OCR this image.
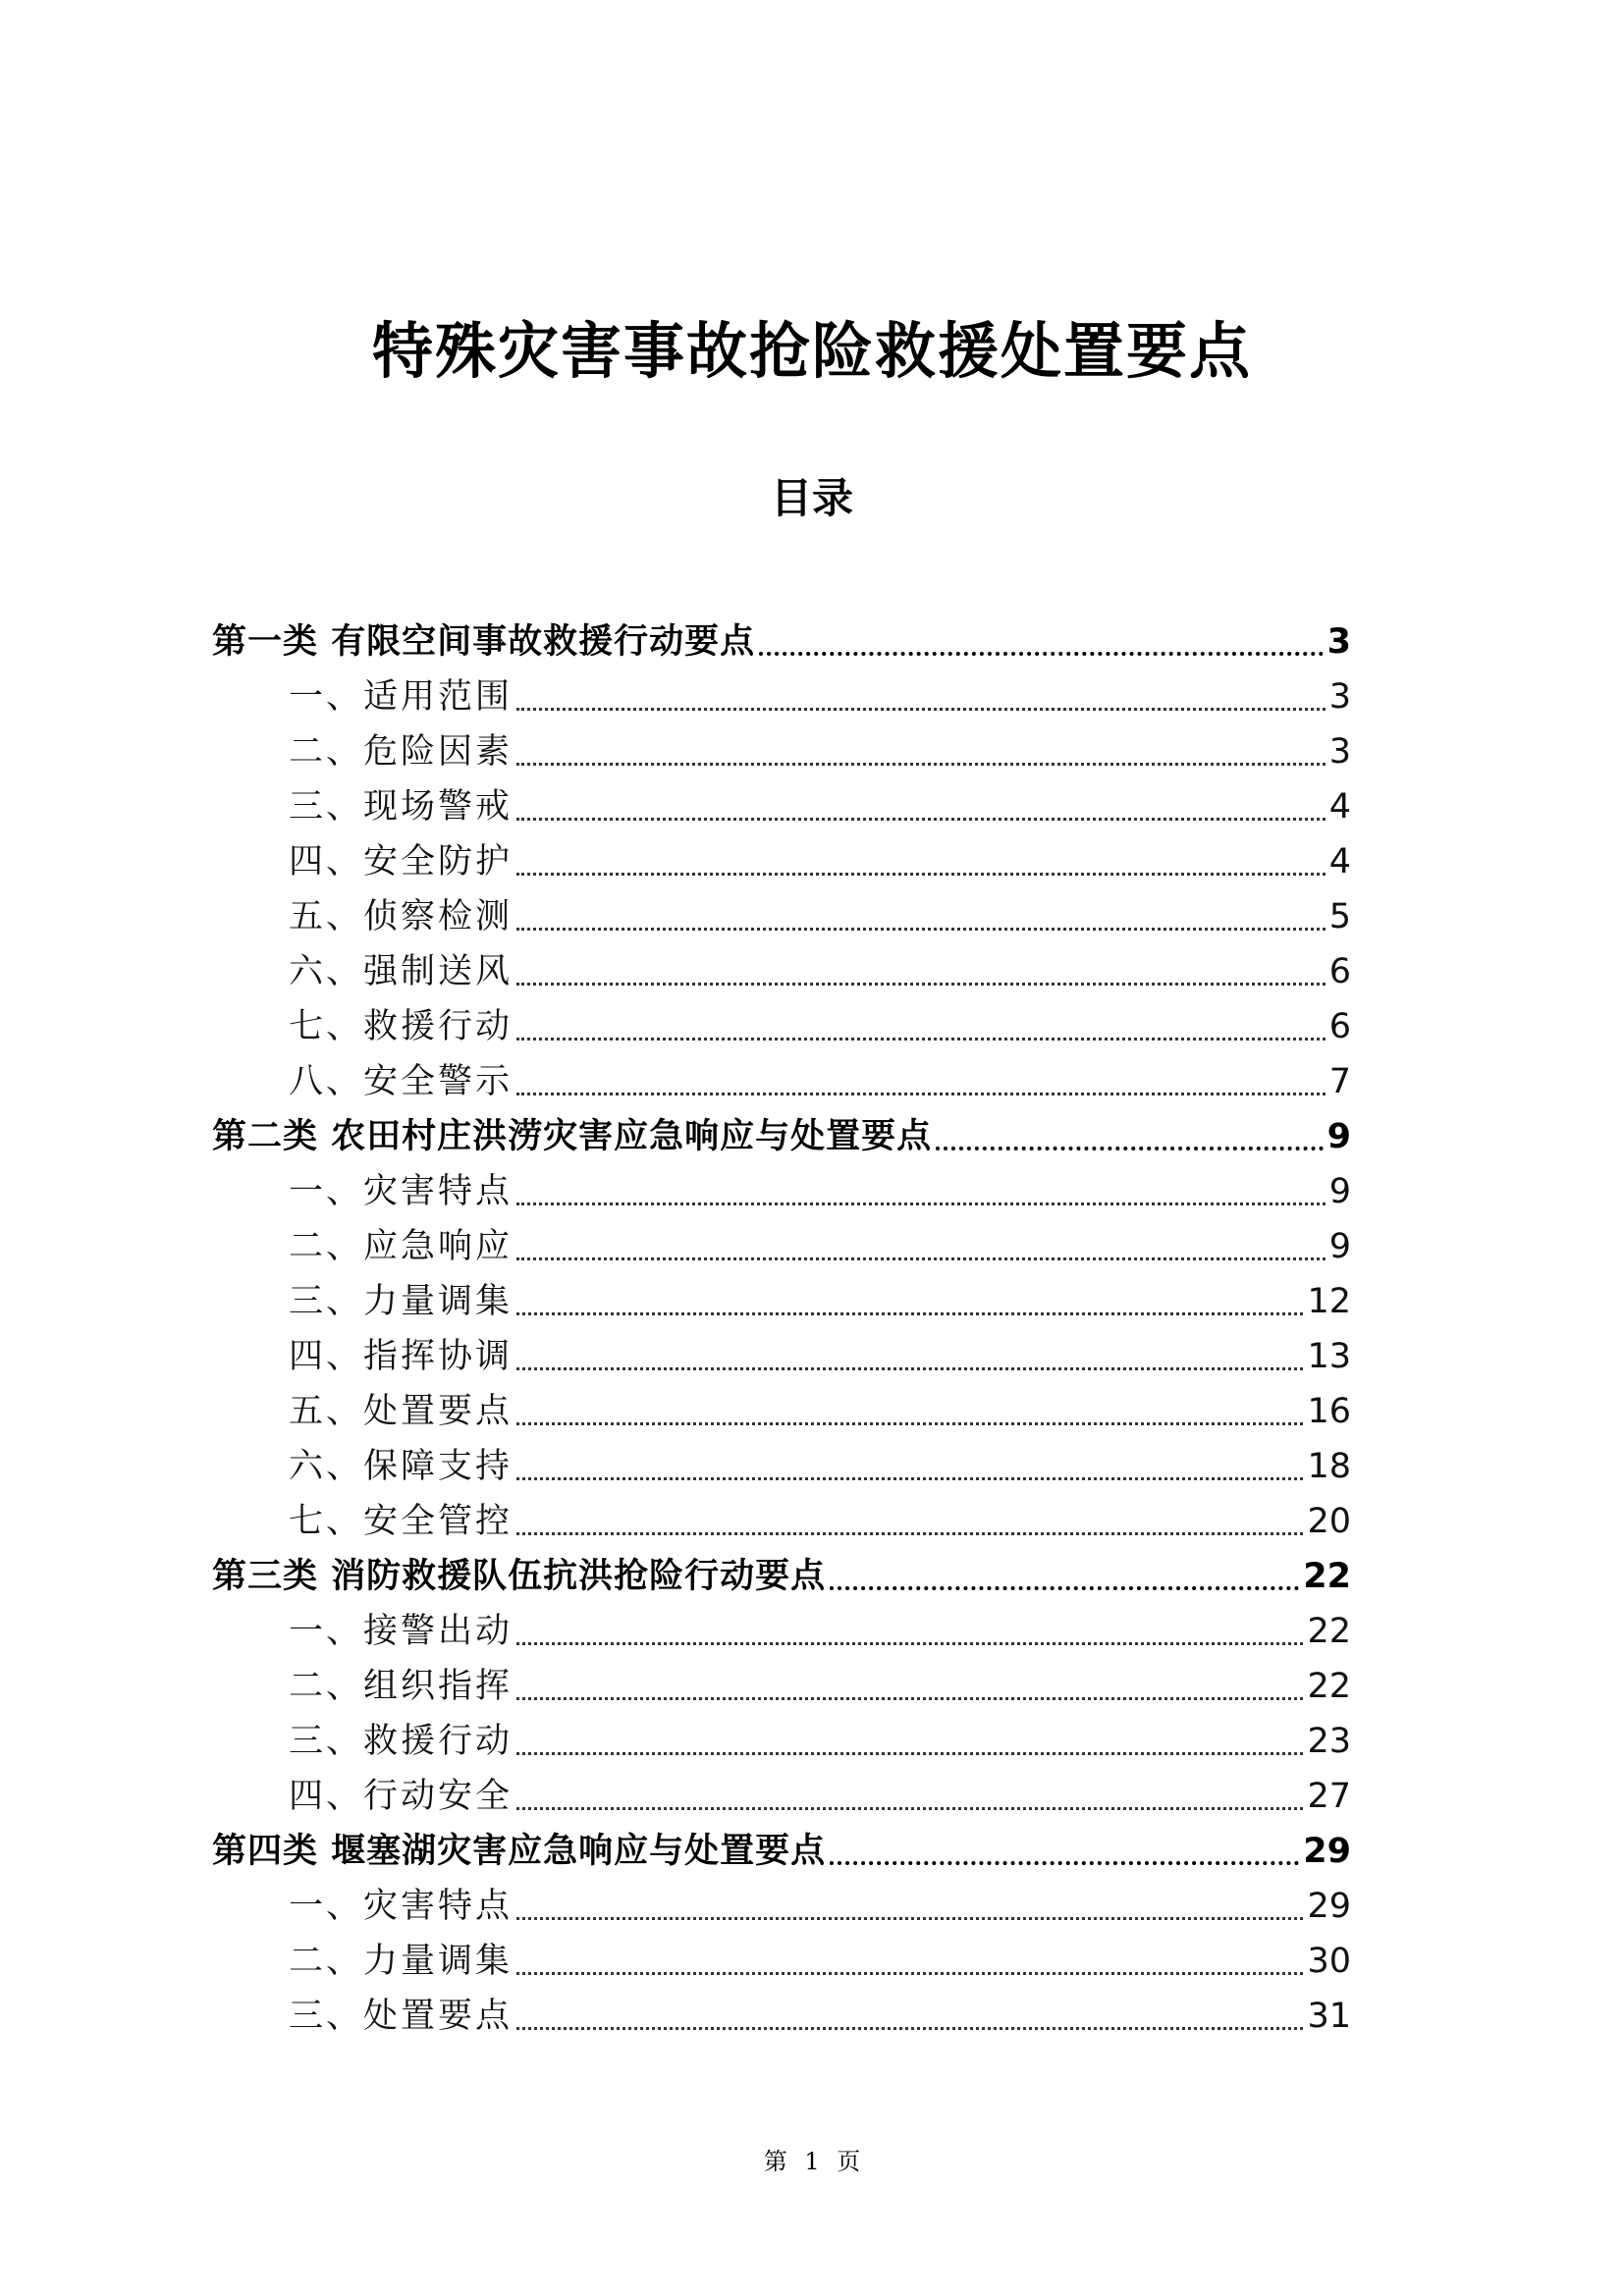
特殊灾害事故抢险救援处置要点
目录
第一类 有限空间事故救援行动要点	3
一、适用范围	3
二、危险因素	3
三、现场警戒	4
四、安全防护	4
五、侦察检测	5
六、强制送风	6
七、救援行动	6
八、安全警示	7
第二类 农田村庄洪涝灾害应急响应与处置要点	9
一、灾害特点	9
二、应急响应	9
三、力量调集	12
四、指挥协调	13
五、处置要点	16
六、保障支持	18
七、安全管控	20
第三类 消防救援队伍抗洪抢险行动要点	22
一、接警出动	22
二、组织指挥	22
三、救援行动	23
四、行动安全	27
第四类 堰塞湖灾害应急响应与处置要点	29
一、灾害特点	29
二、力量调集	30
三、处置要点	31
第 1 页
